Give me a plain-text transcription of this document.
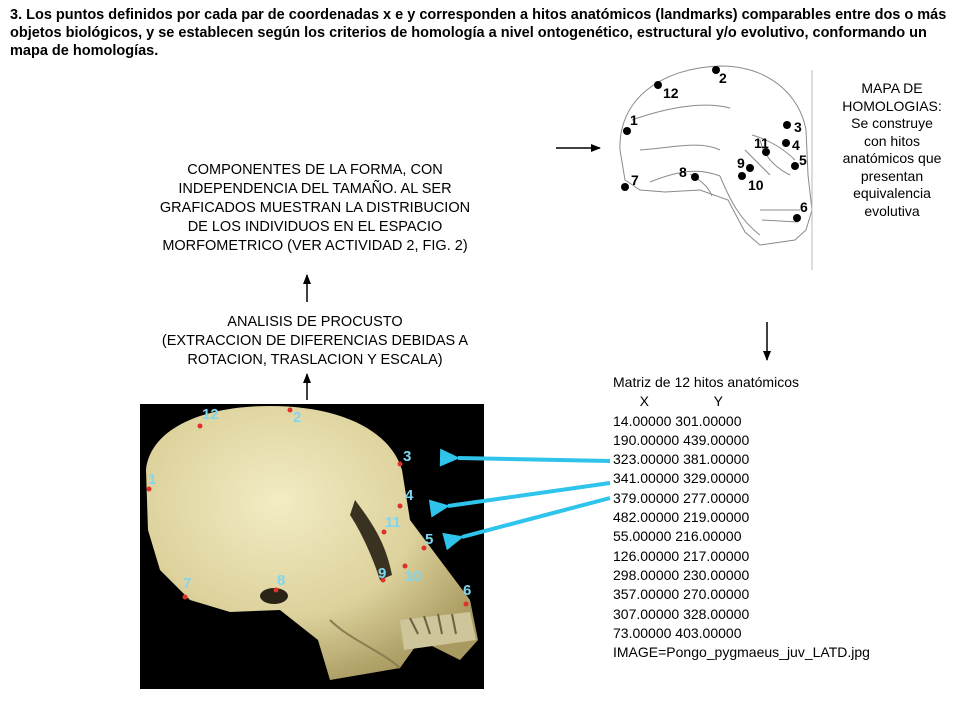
3. Los puntos definidos por cada par de coordenadas x e y corresponden a hitos anatómicos (landmarks) comparables entre dos o más objetos biológicos, y se establecen según los criterios de homología a nivel ontogenético, estructural y/o evolutivo, conformando un mapa de homologías.
COMPONENTES DE LA FORMA, CON
INDEPENDENCIA DEL TAMAÑO. AL SER
GRAFICADOS MUESTRAN LA DISTRIBUCION
DE LOS INDIVIDUOS EN EL ESPACIO
MORFOMETRICO (VER ACTIVIDAD 2, FIG. 2)
ANALISIS DE PROCUSTO
(EXTRACCION DE DIFERENCIAS DEBIDAS A
ROTACION, TRASLACION Y ESCALA)
MAPA DE
HOMOLOGIAS:
Se construye
con hitos
anatómicos que
presentan
equivalencia
evolutiva
Matriz de 12 hitos anatómicos
X	Y
14.00000 301.00000
190.00000 439.00000
323.00000 381.00000
341.00000 329.00000
379.00000 277.00000
482.00000 219.00000
55.00000 216.00000
126.00000 217.00000
298.00000 230.00000
357.00000 270.00000
307.00000 328.00000
73.00000 403.00000
IMAGE=Pongo_pygmaeus_juv_LATD.jpg
1
2
3
4
5
6
7	8	9 10
11
12
1
2
3
4
5
6
7	8
9
10
11
12
